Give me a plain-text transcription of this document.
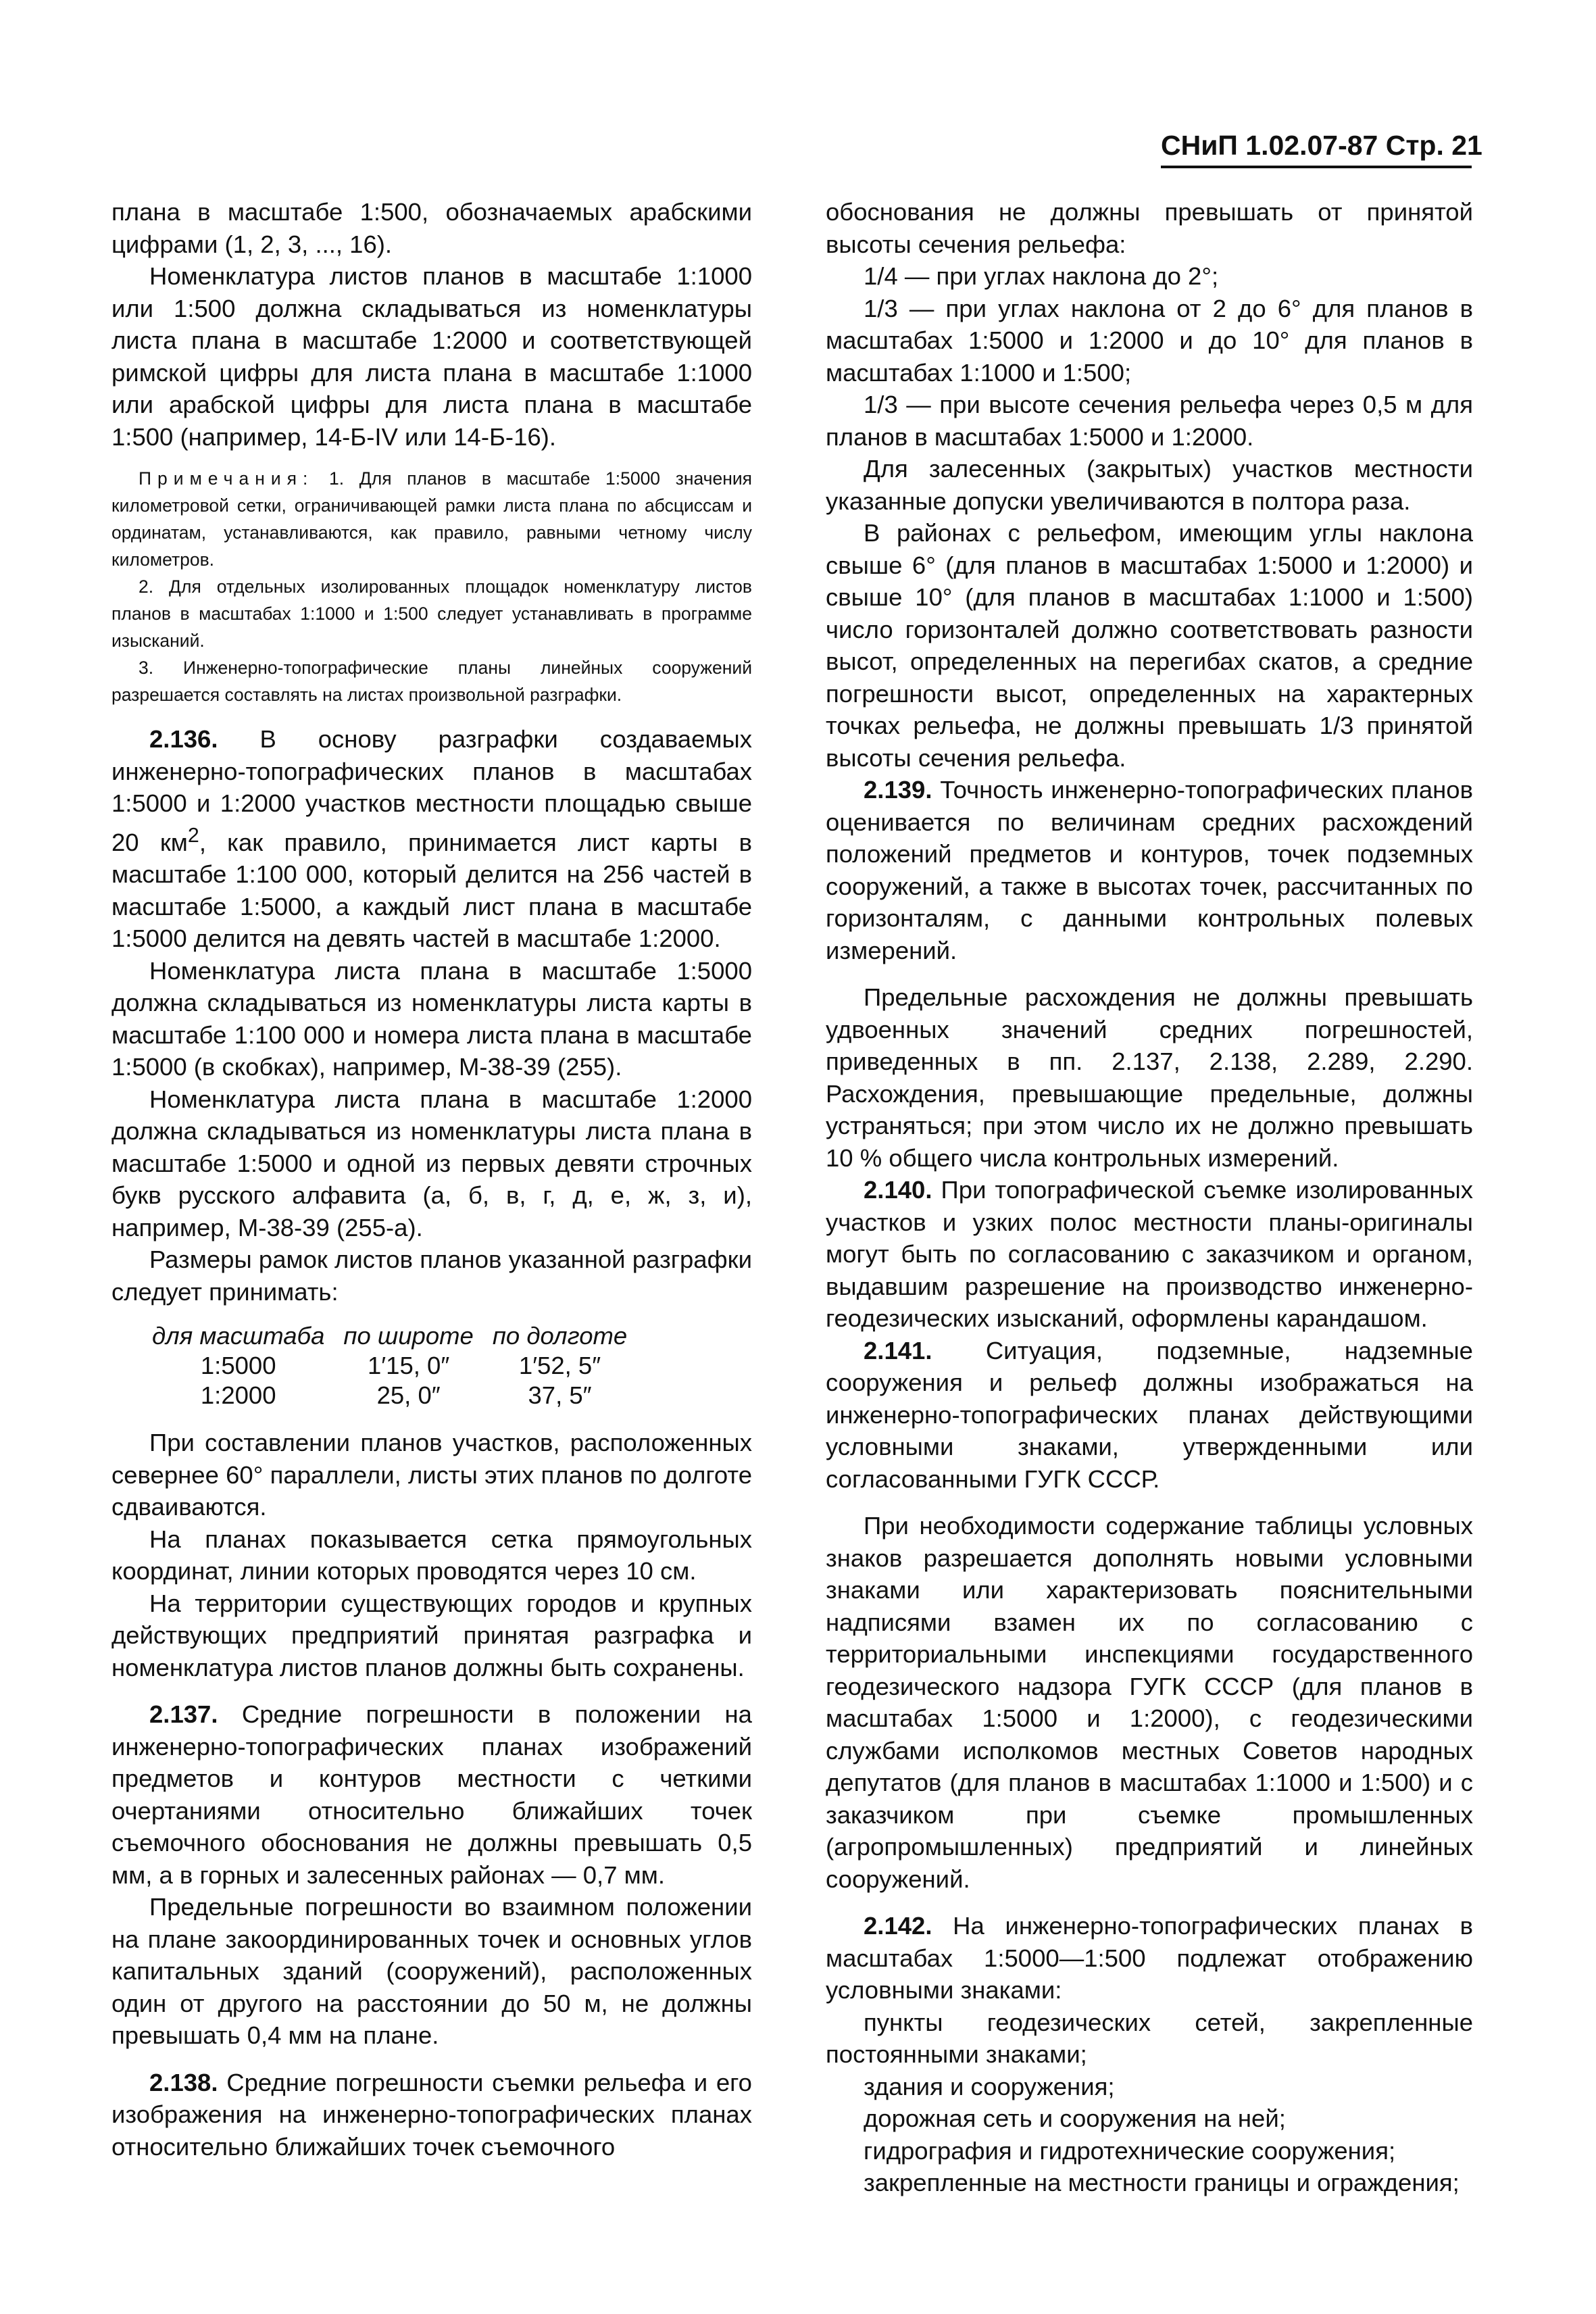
СНиП 1.02.07-87 Стр. 21

плана в масштабе 1:500, обозначаемых арабскими цифрами (1, 2, 3, ..., 16).

Номенклатура листов планов в масштабе 1:1000 или 1:500 должна складываться из номенклатуры листа плана в масштабе 1:2000 и соответствующей римской цифры для листа плана в масштабе 1:1000 или арабской цифры для листа плана в масштабе 1:500 (например, 14-Б-IV или 14-Б-16).

Примечания: 1. Для планов в масштабе 1:5000 значения километровой сетки, ограничивающей рамки листа плана по абсциссам и ординатам, устанавливаются, как правило, равными четному числу километров.

2. Для отдельных изолированных площадок номенклатуру листов планов в масштабах 1:1000 и 1:500 следует устанавливать в программе изысканий.

3. Инженерно-топографические планы линейных сооружений разрешается составлять на листах произвольной разграфки.

2.136. В основу разграфки создаваемых инженерно-топографических планов в масштабах 1:5000 и 1:2000 участков местности площадью свыше 20 $км^2$, как правило, принимается лист карты в масштабе 1:100 000, который делится на 256 частей в масштабе 1:5000, а каждый лист плана в масштабе 1:5000 делится на девять частей в масштабе 1:2000.

Номенклатура листа плана в масштабе 1:5000 должна складываться из номенклатуры листа карты в масштабе 1:100 000 и номера листа плана в масштабе 1:5000 (в скобках), например, М-38-39 (255).

Номенклатура листа плана в масштабе 1:2000 должна складываться из номенклатуры листа плана в масштабе 1:5000 и одной из первых девяти строчных букв русского алфавита (а, б, в, г, д, е, ж, з, и), например, М-38-39 (255-а).

Размеры рамок листов планов указанной разграфки следует принимать:

для масштаба	по широте	по долготе
1:5000	1′15, 0″	1′52, 5″
1:2000	25, 0″	37, 5″

При составлении планов участков, расположенных севернее 60° параллели, листы этих планов по долготе сдваиваются.

На планах показывается сетка прямоугольных координат, линии которых проводятся через 10 см.

На территории существующих городов и крупных действующих предприятий принятая разграфка и номенклатура листов планов должны быть сохранены.

2.137. Средние погрешности в положении на инженерно-топографических планах изображений предметов и контуров местности с четкими очертаниями относительно ближайших точек съемочного обоснования не должны превышать 0,5 мм, а в горных и залесенных районах — 0,7 мм.

Предельные погрешности во взаимном положении на плане закоординированных точек и основных углов капитальных зданий (сооружений), расположенных один от другого на расстоянии до 50 м, не должны превышать 0,4 мм на плане.

2.138. Средние погрешности съемки рельефа и его изображения на инженерно-топографических планах относительно ближайших точек съемочного

обоснования не должны превышать от принятой высоты сечения рельефа:

1/4 — при углах наклона до 2°;

1/3 — при углах наклона от 2 до 6° для планов в масштабах 1:5000 и 1:2000 и до 10° для планов в масштабах 1:1000 и 1:500;

1/3 — при высоте сечения рельефа через 0,5 м для планов в масштабах 1:5000 и 1:2000.

Для залесенных (закрытых) участков местности указанные допуски увеличиваются в полтора раза.

В районах с рельефом, имеющим углы наклона свыше 6° (для планов в масштабах 1:5000 и 1:2000) и свыше 10° (для планов в масштабах 1:1000 и 1:500) число горизонталей должно соответствовать разности высот, определенных на перегибах скатов, а средние погрешности высот, определенных на характерных точках рельефа, не должны превышать 1/3 принятой высоты сечения рельефа.

2.139. Точность инженерно-топографических планов оценивается по величинам средних расхождений положений предметов и контуров, точек подземных сооружений, а также в высотах точек, рассчитанных по горизонталям, с данными контрольных полевых измерений.

Предельные расхождения не должны превышать удвоенных значений средних погрешностей, приведенных в пп. 2.137, 2.138, 2.289, 2.290. Расхождения, превышающие предельные, должны устраняться; при этом число их не должно превышать 10 % общего числа контрольных измерений.

2.140. При топографической съемке изолированных участков и узких полос местности планы-оригиналы могут быть по согласованию с заказчиком и органом, выдавшим разрешение на производство инженерно-геодезических изысканий, оформлены карандашом.

2.141. Ситуация, подземные, надземные сооружения и рельеф должны изображаться на инженерно-топографических планах действующими условными знаками, утвержденными или согласованными ГУГК СССР.

При необходимости содержание таблицы условных знаков разрешается дополнять новыми условными знаками или характеризовать пояснительными надписями взамен их по согласованию с территориальными инспекциями государственного геодезического надзора ГУГК СССР (для планов в масштабах 1:5000 и 1:2000), с геодезическими службами исполкомов местных Советов народных депутатов (для планов в масштабах 1:1000 и 1:500) и с заказчиком при съемке промышленных (агропромышленных) предприятий и линейных сооружений.

2.142. На инженерно-топографических планах в масштабах 1:5000—1:500 подлежат отображению условными знаками:

пункты геодезических сетей, закрепленные постоянными знаками;

здания и сооружения;

дорожная сеть и сооружения на ней;

гидрография и гидротехнические сооружения;

закрепленные на местности границы и ограждения;
